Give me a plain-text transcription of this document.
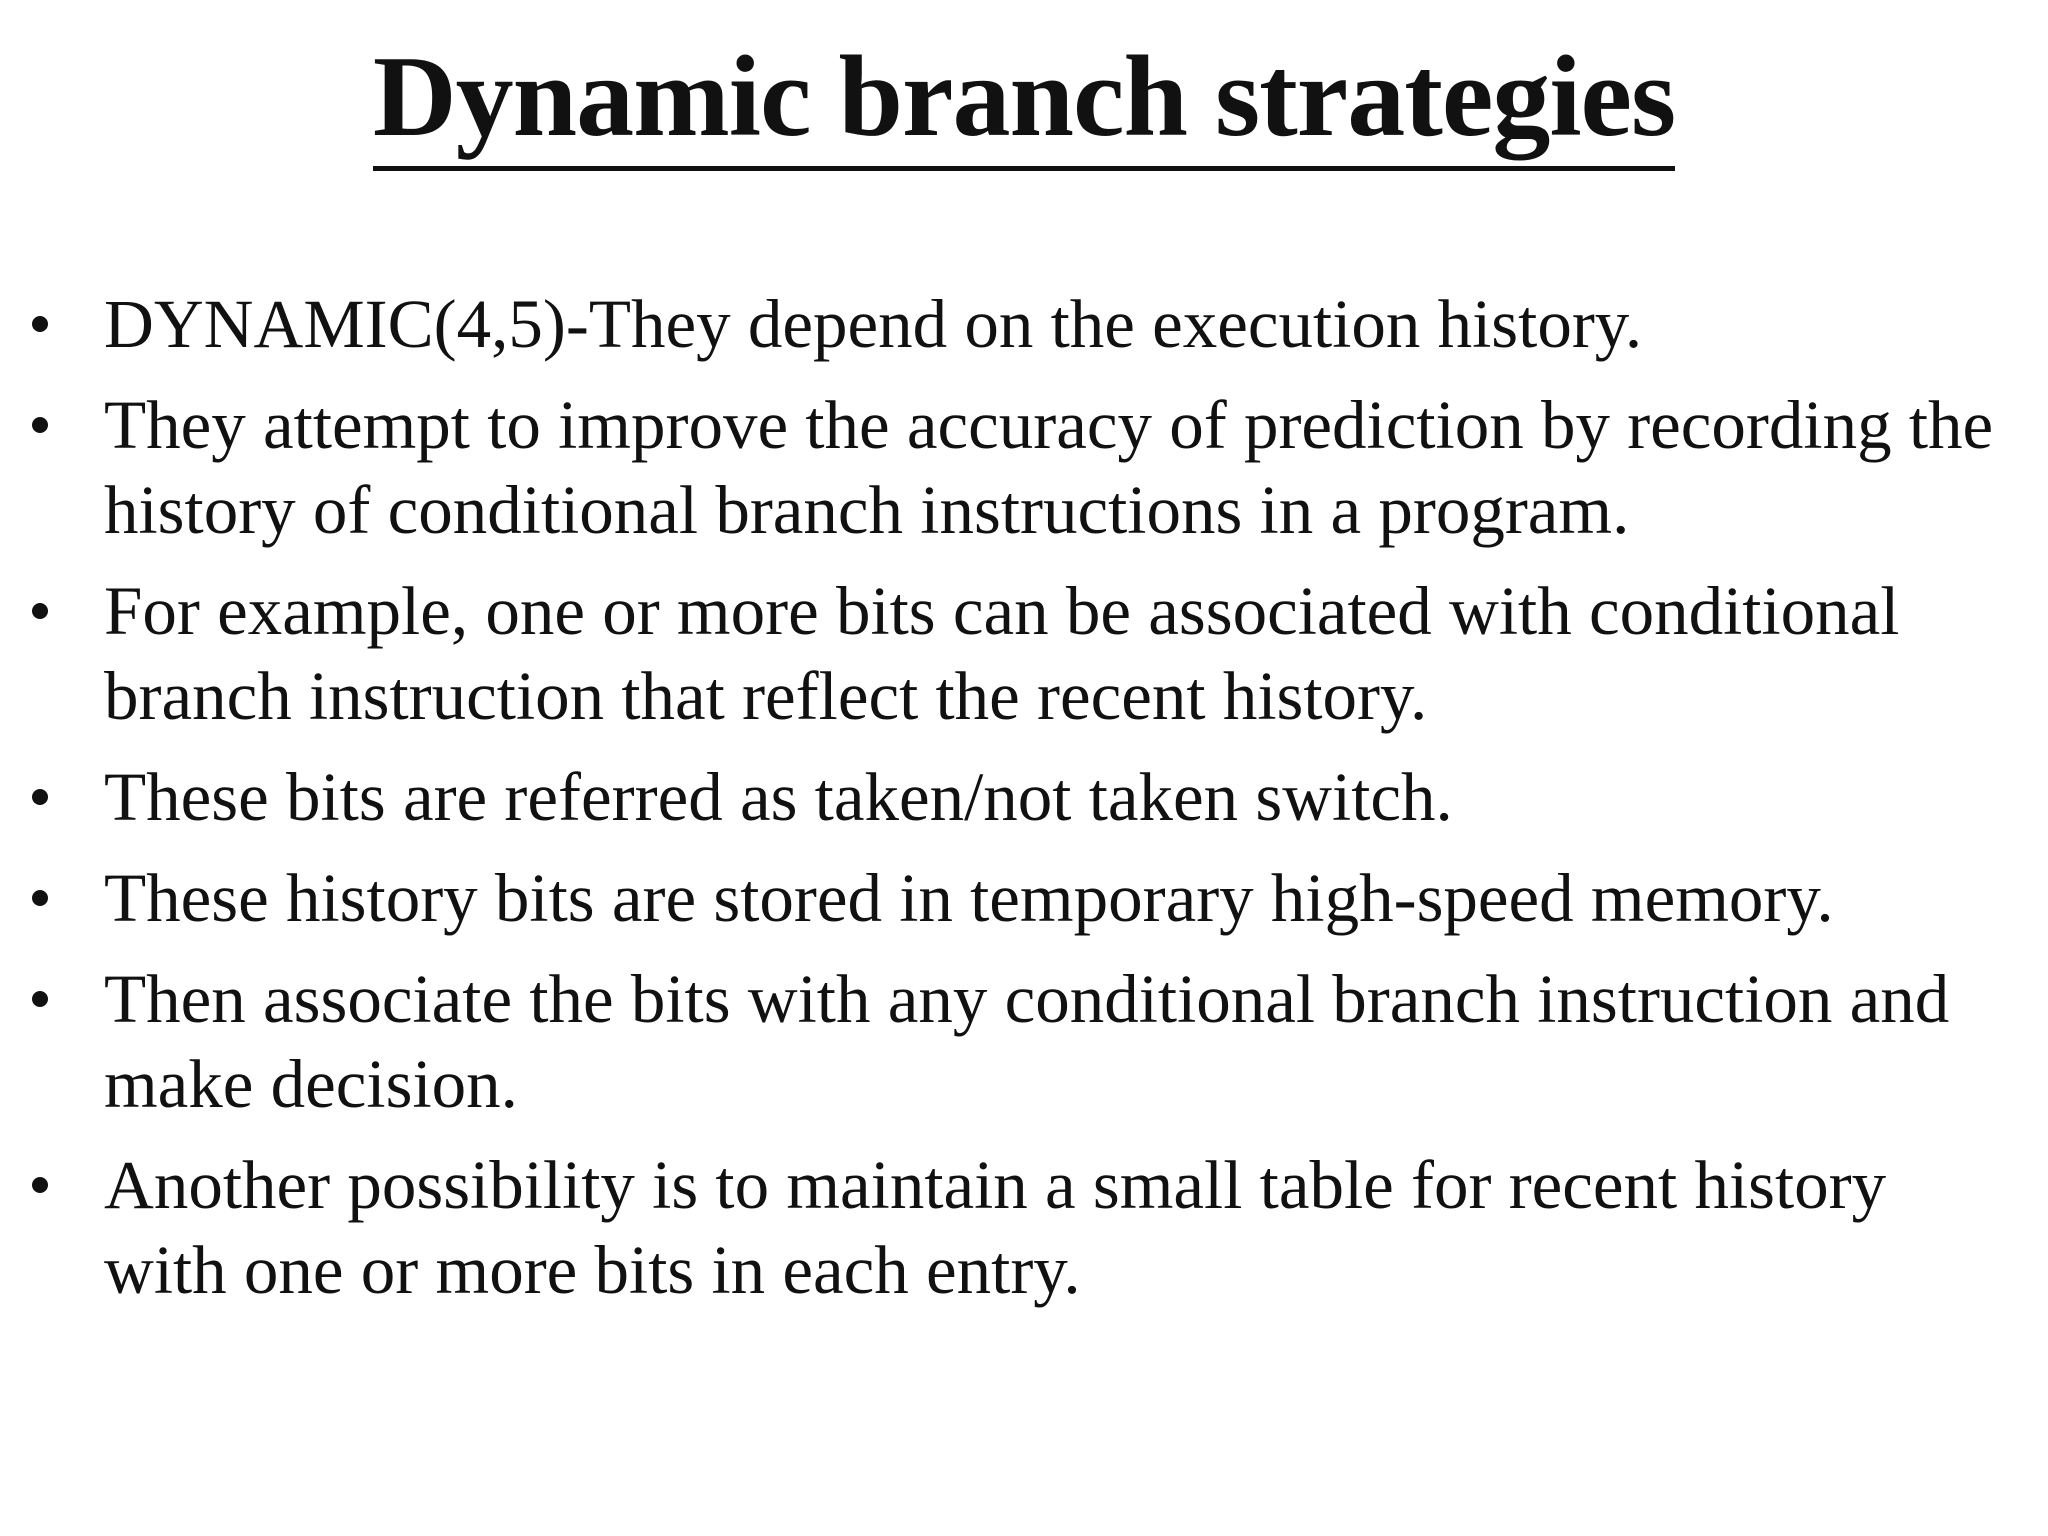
Dynamic branch strategies
DYNAMIC(4,5)-They depend on the execution history.
They attempt to improve the accuracy of prediction by recording the history of conditional branch instructions in a program.
For example, one or more bits can be associated with conditional branch instruction that reflect the recent history.
These bits are referred as taken/not taken switch.
These history bits are stored in temporary high-speed memory.
Then associate the bits with any conditional branch instruction and make decision.
Another possibility is to maintain a small table for recent history with one or more bits in each entry.
